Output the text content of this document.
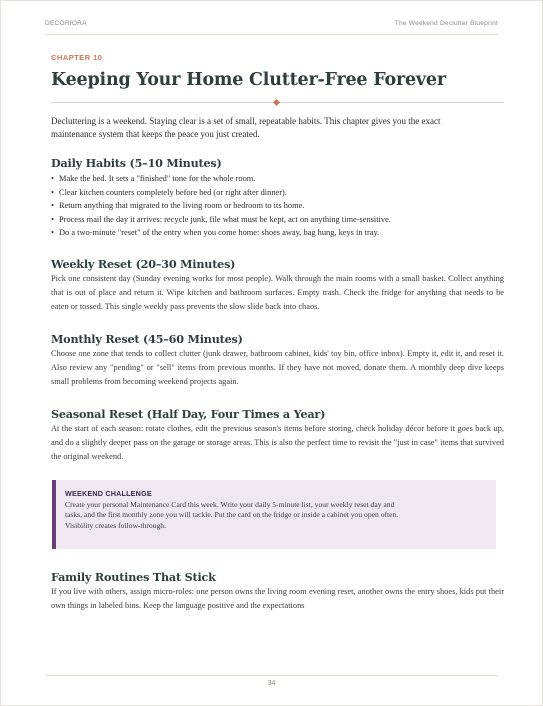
DECORIORA	The Weekend Declutter Blueprint
CHAPTER 10
Keeping Your Home Clutter-Free Forever

Decluttering is a weekend. Staying clear is a set of small, repeatable habits. This chapter gives you the exact
maintenance system that keeps the peace you just created.

Daily Habits (5–10 Minutes)
• Make the bed. It sets a "finished" tone for the whole room.
• Clear kitchen counters completely before bed (or right after dinner).
• Return anything that migrated to the living room or bedroom to its home.
• Process mail the day it arrives: recycle junk, file what must be kept, act on anything time-sensitive.
• Do a two-minute "reset" of the entry when you come home: shoes away, bag hung, keys in tray.
Weekly Reset (20–30 Minutes)

Pick one consistent day (Sunday evening works for most people). Walk through the main rooms with a small basket. Collect anything that is out of place and return it. Wipe kitchen and bathroom surfaces. Empty trash. Check the fridge for anything that needs to be eaten or tossed. This single weekly pass prevents the slow slide back into chaos.

Monthly Reset (45–60 Minutes)

Choose one zone that tends to collect clutter (junk drawer, bathroom cabinet, kids' toy bin, office inbox). Empty it, edit it, and reset it. Also review any "pending" or "sell" items from previous months. If they have not moved, donate them. A monthly deep dive keeps small problems from becoming weekend projects again.

Seasonal Reset (Half Day, Four Times a Year)

At the start of each season: rotate clothes, edit the previous season's items before storing, check holiday décor before it goes back up, and do a slightly deeper pass on the garage or storage areas. This is also the perfect time to revisit the "just in case" items that survived the original weekend.

WEEKEND CHALLENGE

Create your personal Maintenance Card this week. Write your daily 5-minute list, your weekly reset day and
tasks, and the first monthly zone you will tackle. Put the card on the fridge or inside a cabinet you open often.
Visibility creates follow-through.

Family Routines That Stick

If you live with others, assign micro-roles: one person owns the living room evening reset, another owns the entry shoes, kids put their own things in labeled bins. Keep the language positive and the expectations

34
